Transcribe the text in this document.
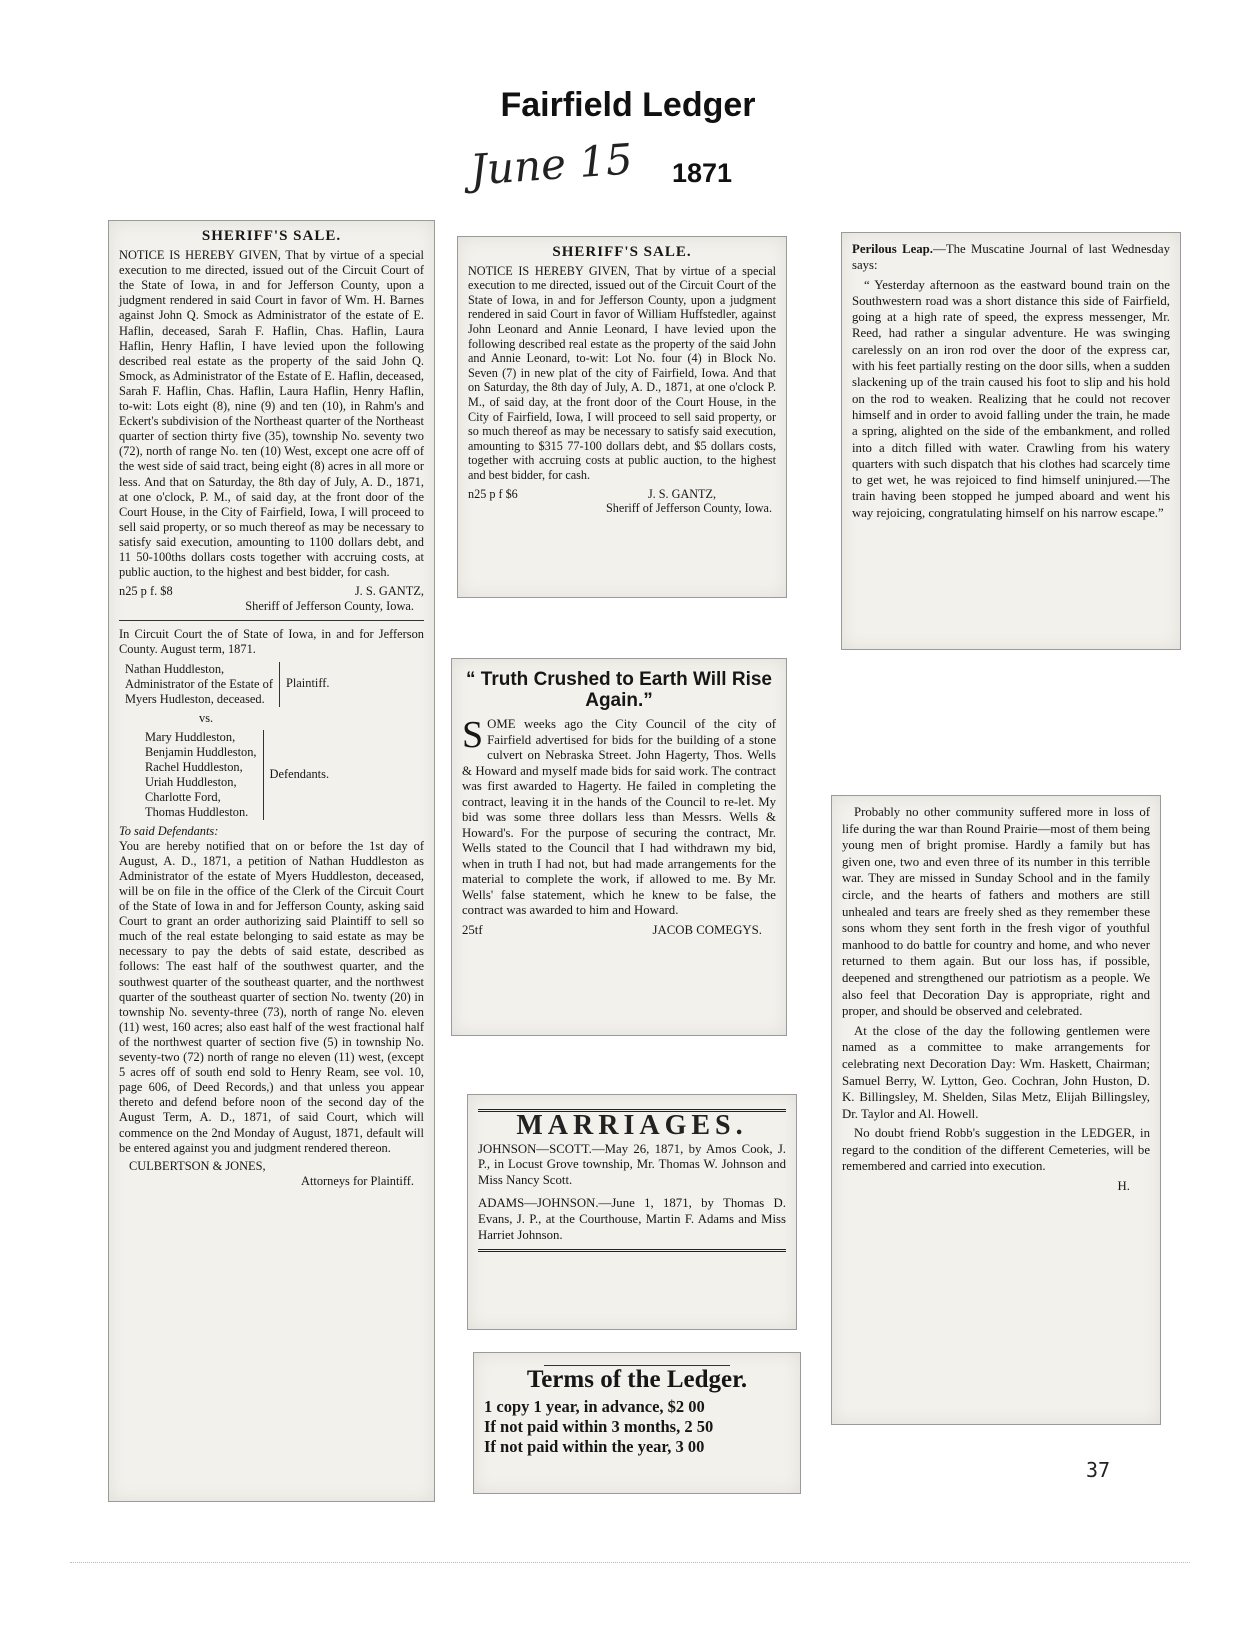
Fairfield Ledger
June 15 1871
SHERIFF'S SALE.

NOTICE IS HEREBY GIVEN, That by virtue of a special execution to me directed, issued out of the Circuit Court of the State of Iowa, in and for Jefferson County, upon a judgment rendered in said Court in favor of Wm. H. Barnes against John Q. Smock as Administrator of the estate of E. Haflin, deceased, Sarah F. Haflin, Chas. Haflin, Laura Haflin, Henry Haflin, I have levied upon the following described real estate as the property of the said John Q. Smock, as Administrator of the Estate of E. Haflin, deceased, Sarah F. Haflin, Chas. Haflin, Laura Haflin, Henry Haflin, to-wit: Lots eight (8), nine (9) and ten (10), in Rahm's and Eckert's subdivision of the Northeast quarter of the Northeast quarter of section thirty five (35), township No. seventy two (72), north of range No. ten (10) West, except one acre off of the west side of said tract, being eight (8) acres in all more or less. And that on Saturday, the 8th day of July, A. D., 1871, at one o'clock, P. M., of said day, at the front door of the Court House, in the City of Fairfield, Iowa, I will proceed to sell said property, or so much thereof as may be necessary to satisfy said execution, amounting to 1100 dollars debt, and 11 50-100ths dollars costs together with accruing costs, at public auction, to the highest and best bidder, for cash.

n25 p f. $8	J. S. GANTZ,
Sheriff of Jefferson County, Iowa.

In Circuit Court the of State of Iowa, in and for Jefferson County. August term, 1871.

Nathan Huddleston,
Administrator of the Estate of
Myers Hudleston, deceased.
Plaintiff.
vs.
Mary Huddleston,
Benjamin Huddleston,
Rachel Huddleston,
Uriah Huddleston,
Charlotte Ford,
Thomas Huddleston.
Defendants.
To said Defendants:

You are hereby notified that on or before the 1st day of August, A. D., 1871, a petition of Nathan Huddleston as Administrator of the estate of Myers Huddleston, deceased, will be on file in the office of the Clerk of the Circuit Court of the State of Iowa in and for Jefferson County, asking said Court to grant an order authorizing said Plaintiff to sell so much of the real estate belonging to said estate as may be necessary to pay the debts of said estate, described as follows: The east half of the southwest quarter, and the southwest quarter of the southeast quarter, and the northwest quarter of the southeast quarter of section No. twenty (20) in township No. seventy-three (73), north of range No. eleven (11) west, 160 acres; also east half of the west fractional half of the northwest quarter of section five (5) in township No. seventy-two (72) north of range no eleven (11) west, (except 5 acres off of south end sold to Henry Ream, see vol. 10, page 606, of Deed Records,) and that unless you appear thereto and defend before noon of the second day of the August Term, A. D., 1871, of said Court, which will commence on the 2nd Monday of August, 1871, default will be entered against you and judgment rendered thereon.

CULBERTSON & JONES,
Attorneys for Plaintiff.
SHERIFF'S SALE.

NOTICE IS HEREBY GIVEN, That by virtue of a special execution to me directed, issued out of the Circuit Court of the State of Iowa, in and for Jefferson County, upon a judgment rendered in said Court in favor of William Huffstedler, against John Leonard and Annie Leonard, I have levied upon the following described real estate as the property of the said John and Annie Leonard, to-wit: Lot No. four (4) in Block No. Seven (7) in new plat of the city of Fairfield, Iowa. And that on Saturday, the 8th day of July, A. D., 1871, at one o'clock P. M., of said day, at the front door of the Court House, in the City of Fairfield, Iowa, I will proceed to sell said property, or so much thereof as may be necessary to satisfy said execution, amounting to $315 77-100 dollars debt, and $5 dollars costs, together with accruing costs at public auction, to the highest and best bidder, for cash.

n25 p f $6	J. S. GANTZ,
Sheriff of Jefferson County, Iowa.
“ Truth Crushed to Earth Will Rise Again.”

S OME weeks ago the City Council of the city of Fairfield advertised for bids for the building of a stone culvert on Nebraska Street. John Hagerty, Thos. Wells & Howard and myself made bids for said work. The contract was first awarded to Hagerty. He failed in completing the contract, leaving it in the hands of the Council to re-let. My bid was some three dollars less than Messrs. Wells & Howard's. For the purpose of securing the contract, Mr. Wells stated to the Council that I had withdrawn my bid, when in truth I had not, but had made arrangements for the material to complete the work, if allowed to me. By Mr. Wells' false statement, which he knew to be false, the contract was awarded to him and Howard.

25tf	JACOB COMEGYS.
MARRIAGES.

JOHNSON—SCOTT.—May 26, 1871, by Amos Cook, J. P., in Locust Grove township, Mr. Thomas W. Johnson and Miss Nancy Scott.

ADAMS—JOHNSON.—June 1, 1871, by Thomas D. Evans, J. P., at the Courthouse, Martin F. Adams and Miss Harriet Johnson.

Terms of the Ledger.
1 copy 1 year, in advance, $2 00
If not paid within 3 months, 2 50
If not paid within the year, 3 00

Perilous Leap.—The Muscatine Journal of last Wednesday says:

“ Yesterday afternoon as the eastward bound train on the Southwestern road was a short distance this side of Fairfield, going at a high rate of speed, the express messenger, Mr. Reed, had rather a singular adventure. He was swinging carelessly on an iron rod over the door of the express car, with his feet partially resting on the door sills, when a sudden slackening up of the train caused his foot to slip and his hold on the rod to weaken. Realizing that he could not recover himself and in order to avoid falling under the train, he made a spring, alighted on the side of the embankment, and rolled into a ditch filled with water. Crawling from his watery quarters with such dispatch that his clothes had scarcely time to get wet, he was rejoiced to find himself uninjured.—The train having been stopped he jumped aboard and went his way rejoicing, congratulating himself on his narrow escape.”

Probably no other community suffered more in loss of life during the war than Round Prairie—most of them being young men of bright promise. Hardly a family but has given one, two and even three of its number in this terrible war. They are missed in Sunday School and in the family circle, and the hearts of fathers and mothers are still unhealed and tears are freely shed as they remember these sons whom they sent forth in the fresh vigor of youthful manhood to do battle for country and home, and who never returned to them again. But our loss has, if possible, deepened and strengthened our patriotism as a people. We also feel that Decoration Day is appropriate, right and proper, and should be observed and celebrated.

At the close of the day the following gentlemen were named as a committee to make arrangements for celebrating next Decoration Day: Wm. Haskett, Chairman; Samuel Berry, W. Lytton, Geo. Cochran, John Huston, D. K. Billingsley, M. Shelden, Silas Metz, Elijah Billingsley, Dr. Taylor and Al. Howell.

No doubt friend Robb's suggestion in the LEDGER, in regard to the condition of the different Cemeteries, will be remembered and carried into execution.

H.
37
